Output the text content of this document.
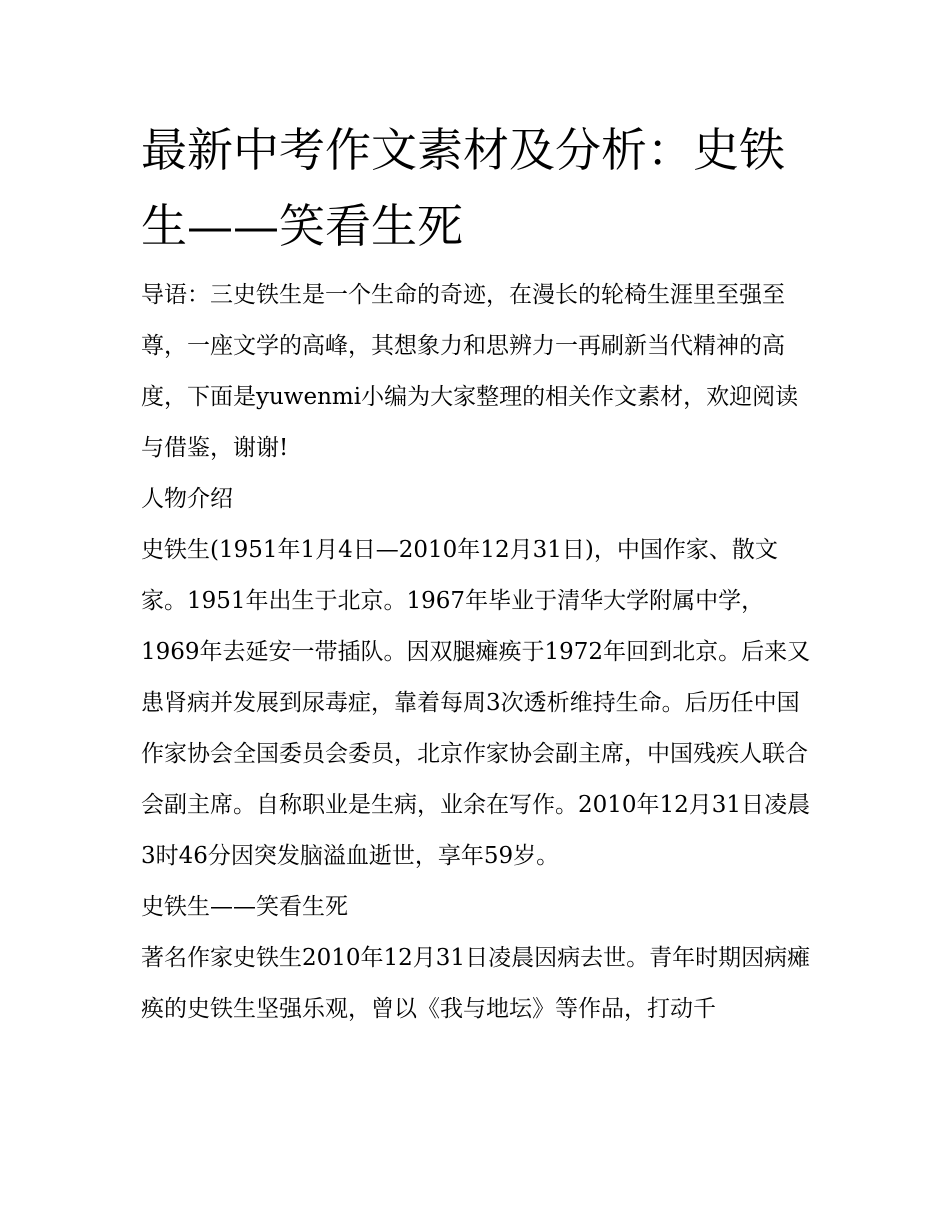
最新中考作文素材及分析：史铁生——笑看生死

导语：三史铁生是一个生命的奇迹，在漫长的轮椅生涯里至强至尊，一座文学的高峰，其想象力和思辨力一再刷新当代精神的高度，下面是yuwenmi小编为大家整理的相关作文素材，欢迎阅读与借鉴，谢谢!

人物介绍

史铁生(1951年1月4日—2010年12月31日)，中国作家、散文家。1951年出生于北京。1967年毕业于清华大学附属中学，1969年去延安一带插队。因双腿瘫痪于1972年回到北京。后来又患肾病并发展到尿毒症，靠着每周3次透析维持生命。后历任中国作家协会全国委员会委员，北京作家协会副主席，中国残疾人联合会副主席。自称职业是生病，业余在写作。2010年12月31日凌晨3时46分因突发脑溢血逝世，享年59岁。

史铁生——笑看生死

著名作家史铁生2010年12月31日凌晨因病去世。青年时期因病瘫痪的史铁生坚强乐观，曾以《我与地坛》等作品，打动千
